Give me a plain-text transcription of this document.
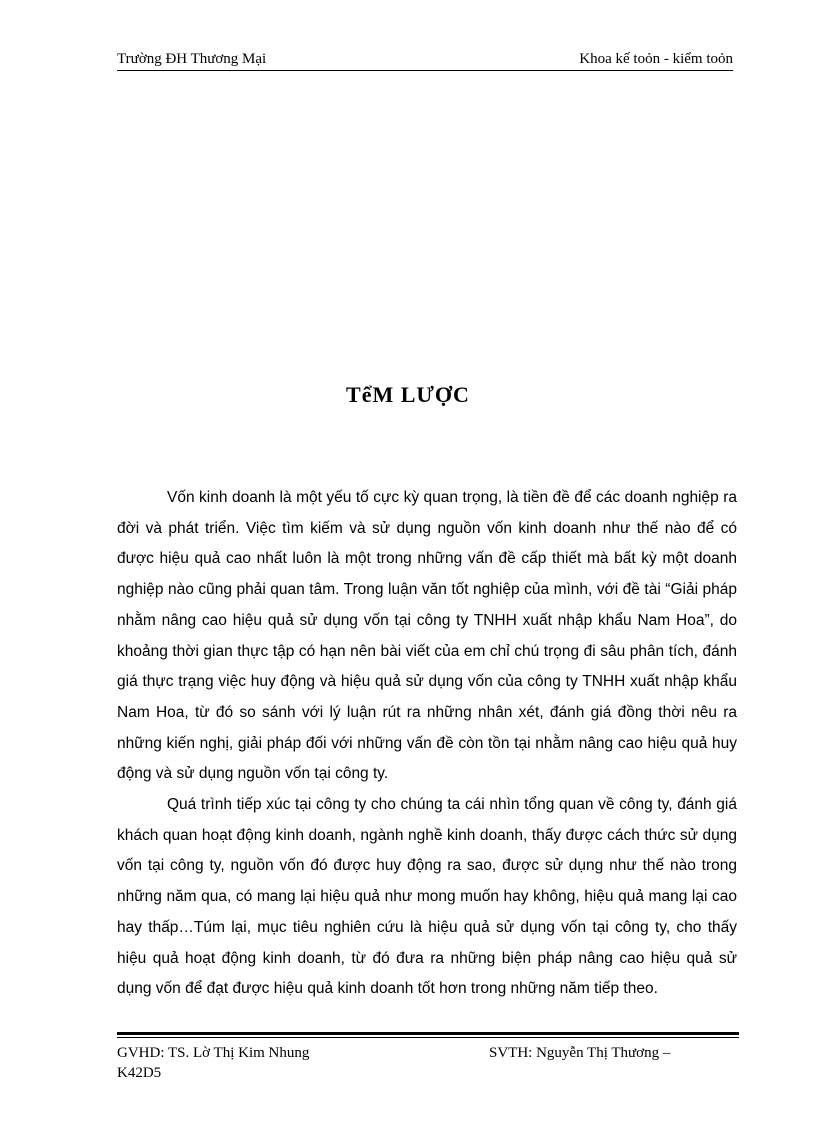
Trường ĐH Thương Mại	Khoa kế toỏn - kiểm toỏn
TểM LƯỢC

Vốn kinh doanh là một yếu tố cực kỳ quan trọng, là tiền đề để các doanh nghiệp ra đời và phát triển. Việc tìm kiếm và sử dụng nguồn vốn kinh doanh như thế nào để có được hiệu quả cao nhất luôn là một trong những vấn đề cấp thiết mà bất kỳ một doanh nghiệp nào cũng phải quan tâm. Trong luận văn tốt nghiệp của mình, với đề tài “Giải pháp nhằm nâng cao hiệu quả sử dụng vốn tại công ty TNHH xuất nhập khẩu Nam Hoa”, do khoảng thời gian thực tập có hạn nên bài viết của em chỉ chú trọng đi sâu phân tích, đánh giá thực trạng việc huy động và hiệu quả sử dụng vốn của công ty TNHH xuất nhập khẩu Nam Hoa, từ đó so sánh với lý luận rút ra những nhân xét, đánh giá đồng thời nêu ra những kiến nghị, giải pháp đối với những vấn đề còn tồn tại nhằm nâng cao hiệu quả huy động và sử dụng nguồn vốn tại công ty.

Quá trình tiếp xúc tại công ty cho chúng ta cái nhìn tổng quan về công ty, đánh giá khách quan hoạt động kinh doanh, ngành nghề kinh doanh, thấy được cách thức sử dụng vốn tại công ty, nguồn vốn đó được huy động ra sao, được sử dụng như thế nào trong những năm qua, có mang lại hiệu quả như mong muốn hay không, hiệu quả mang lại cao hay thấp…Túm lại, mục tiêu nghiên cứu là hiệu quả sử dụng vốn tại công ty, cho thấy hiệu quả hoạt động kinh doanh, từ đó đưa ra những biện pháp nâng cao hiệu quả sử dụng vốn để đạt được hiệu quả kinh doanh tốt hơn trong những năm tiếp theo.

GVHD: TS. Lờ Thị Kim Nhung	SVTH: Nguyễn Thị Thương –
K42D5
